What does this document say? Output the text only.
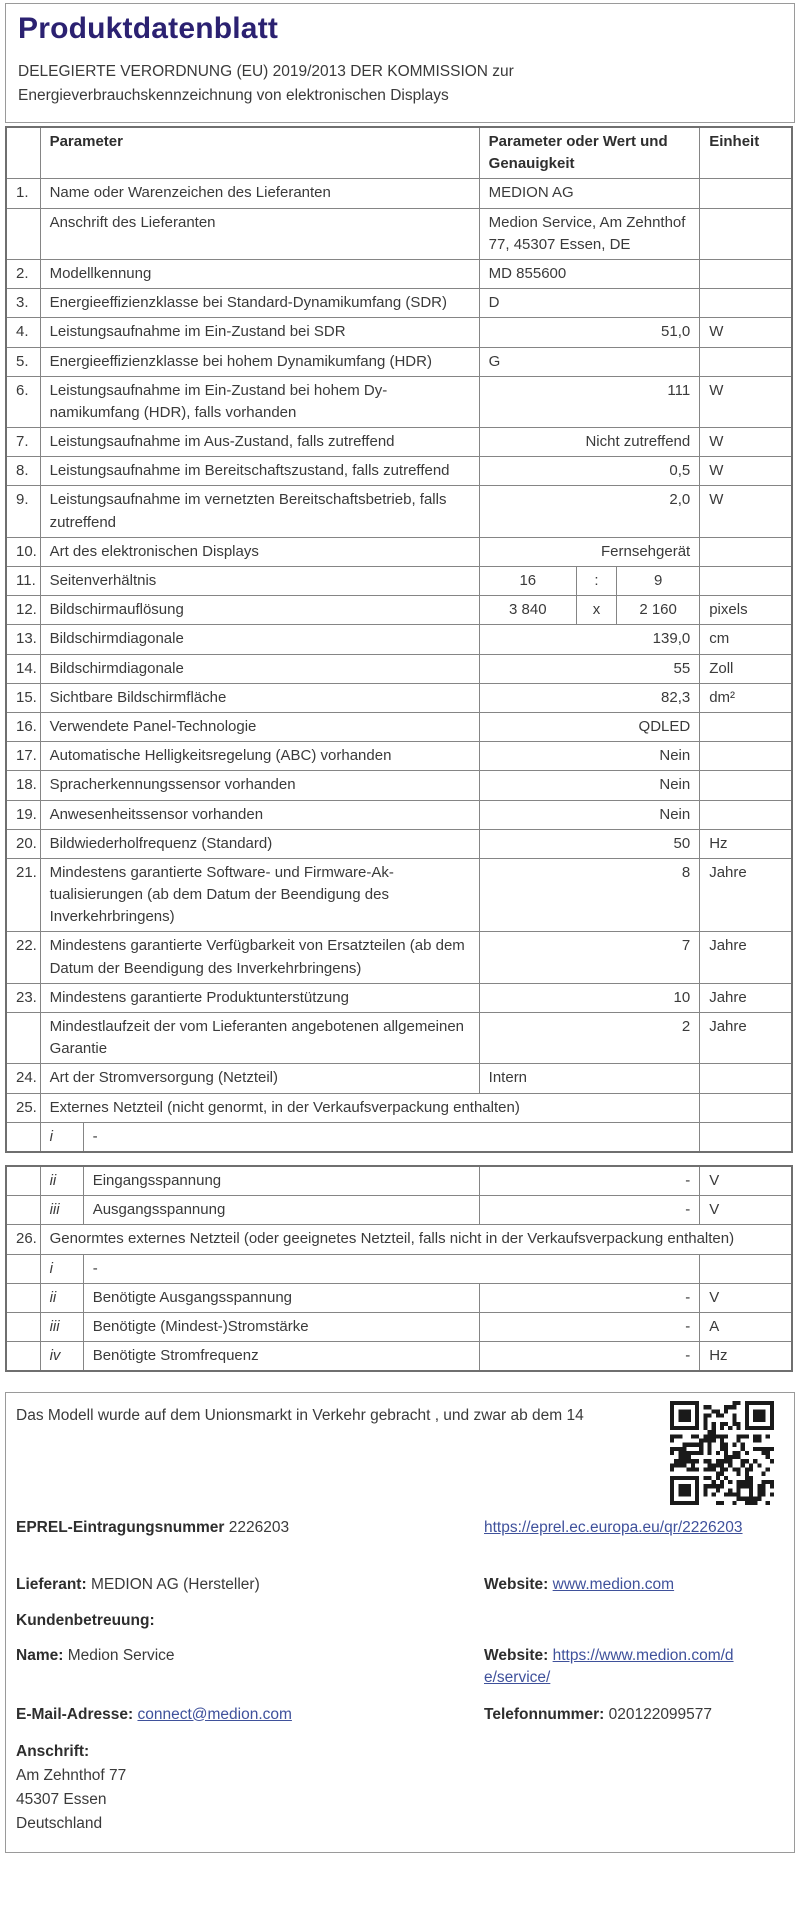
Produktdatenblatt
DELEGIERTE VERORDNUNG (EU) 2019/2013 DER KOMMISSION zur
Energieverbrauchskennzeichnung von elektronischen Displays
	Parameter		Parameter oder Wert und Genauigkeit			Einheit
1.	Name oder Warenzeichen des Lieferanten		MEDION AG			
	Anschrift des Lieferanten		Medion Service, Am Zehnthof 77, 45307 Essen, DE			
2.	Modellkennung		MD 855600			
3.	Energieeffizienzklasse bei Standard-Dynamikumfang (SDR)		D			
4.	Leistungsaufnahme im Ein-Zustand bei SDR		51,0			W
5.	Energieeffizienzklasse bei hohem Dynamikumfang (HDR)		G			
6.	Leistungsaufnahme im Ein-Zustand bei hohem Dynamikumfang (HDR), falls vorhanden		111			W
7.	Leistungsaufnahme im Aus-Zustand, falls zutreffend		Nicht zutreffend			W
8.	Leistungsaufnahme im Bereitschaftszustand, falls zutreffend		0,5			W
9.	Leistungsaufnahme im vernetzten Bereitschaftsbetrieb, falls zutreffend		2,0			W
10.	Art des elektronischen Displays		Fernsehgerät			
11.	Seitenverhältnis		16	:	9	
12.	Bildschirmauflösung		3 840	x	2 160	pixels
13.	Bildschirmdiagonale		139,0			cm
14.	Bildschirmdiagonale		55			Zoll
15.	Sichtbare Bildschirmfläche		82,3			dm²
16.	Verwendete Panel-Technologie		QDLED			
17.	Automatische Helligkeitsregelung (ABC) vorhanden		Nein			
18.	Spracherkennungssensor vorhanden		Nein			
19.	Anwesenheitssensor vorhanden		Nein			
20.	Bildwiederholfrequenz (Standard)		50			Hz
21.	Mindestens garantierte Software- und Firmware-Aktualisierungen (ab dem Datum der Beendigung des Inverkehrbringens)		8			Jahre
22.	Mindestens garantierte Verfügbarkeit von Ersatzteilen (ab dem Datum der Beendigung des Inverkehrbringens)		7			Jahre
23.	Mindestens garantierte Produktunterstützung		10			Jahre
	Mindestlaufzeit der vom Lieferanten angebotenen allgemeinen Garantie		2			Jahre
24.	Art der Stromversorgung (Netzteil)		Intern			
25.	Externes Netzteil (nicht genormt, in der Verkaufsverpackung enthalten)					
	i	-				
	ii	Eingangsspannung	-	V
	iii	Ausgangsspannung	-	V
26.	Genormtes externes Netzteil (oder geeignetes Netzteil, falls nicht in der Verkaufsverpackung enthalten)			
	i	-		
	ii	Benötigte Ausgangsspannung	-	V
	iii	Benötigte (Mindest-)Stromstärke	-	A
	iv	Benötigte Stromfrequenz	-	Hz
Das Modell wurde auf dem Unionsmarkt in Verkehr gebracht , und zwar ab dem 14
EPREL-Eintragungsnummer 2226203	https://eprel.ec.europa.eu/qr/2226203
Lieferant: MEDION AG (Hersteller)	Website: www.medion.com
Kundenbetreuung:
Name: Medion Service	Website: https://www.medion.com/de/service/
E-Mail-Adresse: connect@medion.com	Telefonnummer: 020122099577
Anschrift:
Am Zehnthof 77
45307 Essen
Deutschland
